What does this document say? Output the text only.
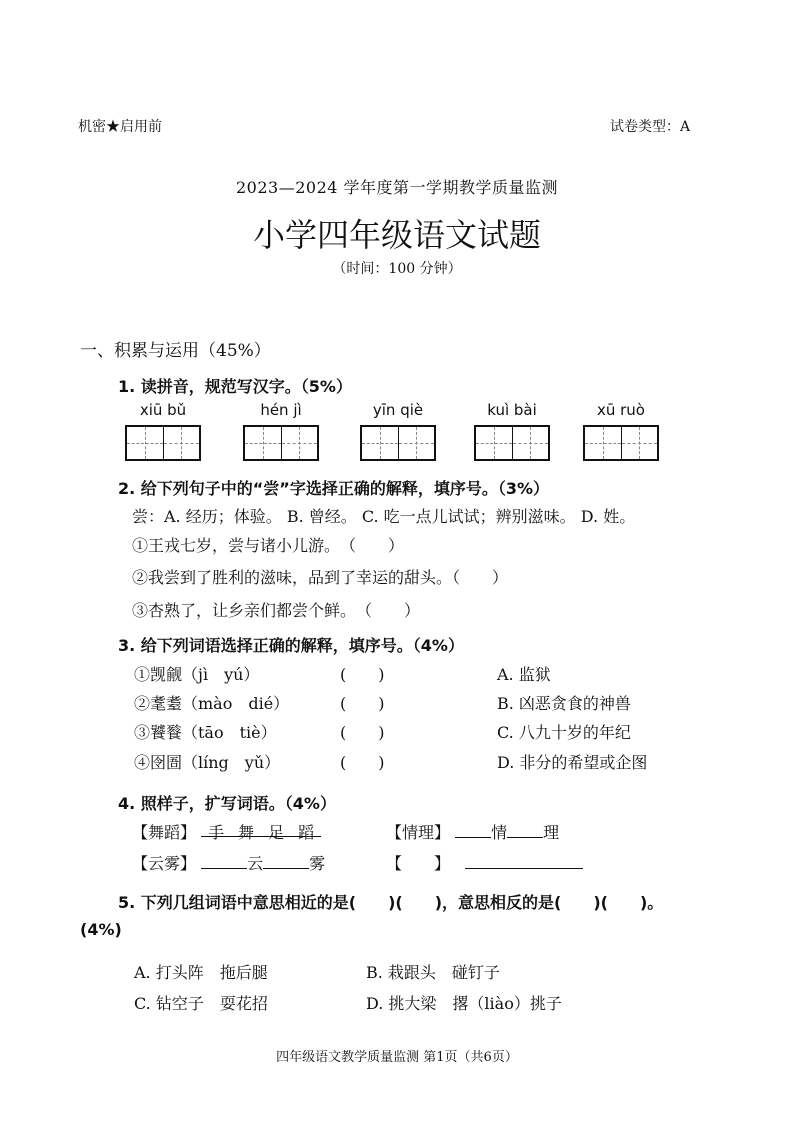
机密★启用前	试卷类型：A
2023—2024 学年度第一学期教学质量监测
小学四年级语文试题
（时间：100 分钟）
一、积累与运用（45%）
1. 读拼音，规范写汉字。（5%）
xiū bǔ	hén jì	yīn qiè	kuì bài	xū ruò
2. 给下列句子中的“尝”字选择正确的解释，填序号。（3%）
尝：A. 经历；体验。 B. 曾经。 C. 吃一点儿试试；辨别滋味。 D. 姓。
①王戎七岁，尝与诸小儿游。　（　　）
②我尝到了胜利的滋味，品到了幸运的甜头。（　　）
③杏熟了，让乡亲们都尝个鲜。　（　　）
3. 给下列词语选择正确的解释，填序号。（4%）
①觊觎（jì　yú）	(　　)	A. 监狱
②耄耋（mào　dié）	(　　)	B. 凶恶贪食的神兽
③饕餮（tāo　tiè）	(　　)	C. 八九十岁的年纪
④囹圄（líng　yǔ）	(　　)	D. 非分的希望或企图
4. 照样子，扩写词语。（4%）
【舞蹈】 手 舞 足 蹈	【情理】	情 理
【云雾】	云	雾	【　　】
5. 下列几组词语中意思相近的是(　　)(　　)，意思相反的是(　　)(　　)。
(4%)
A. 打头阵　拖后腿	B. 栽跟头　碰钉子
C. 钻空子　耍花招	D. 挑大梁　撂（liào）挑子
四年级语文教学质量监测 第1页（共6页）
